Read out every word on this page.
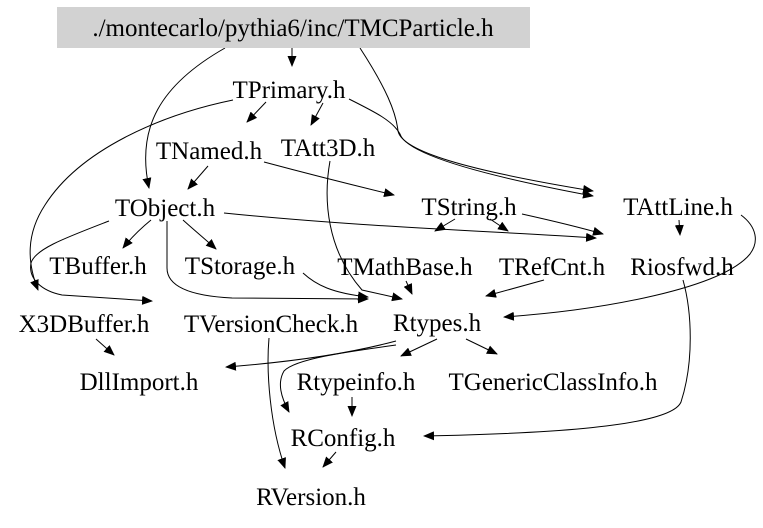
./montecarlo/pythia6/inc/TMCParticle.h
TPrimary.h
TNamed.h TAtt3D.h
TObject.h	TString.h	TAttLine.h
TBuffer.h TStorage.h TMathBase.h TRefCnt.h Riosfwd.h
X3DBuffer.h TVersionCheck.h Rtypes.h
DllImport.h	Rtypeinfo.h TGenericClassInfo.h
RConfig.h
RVersion.h
